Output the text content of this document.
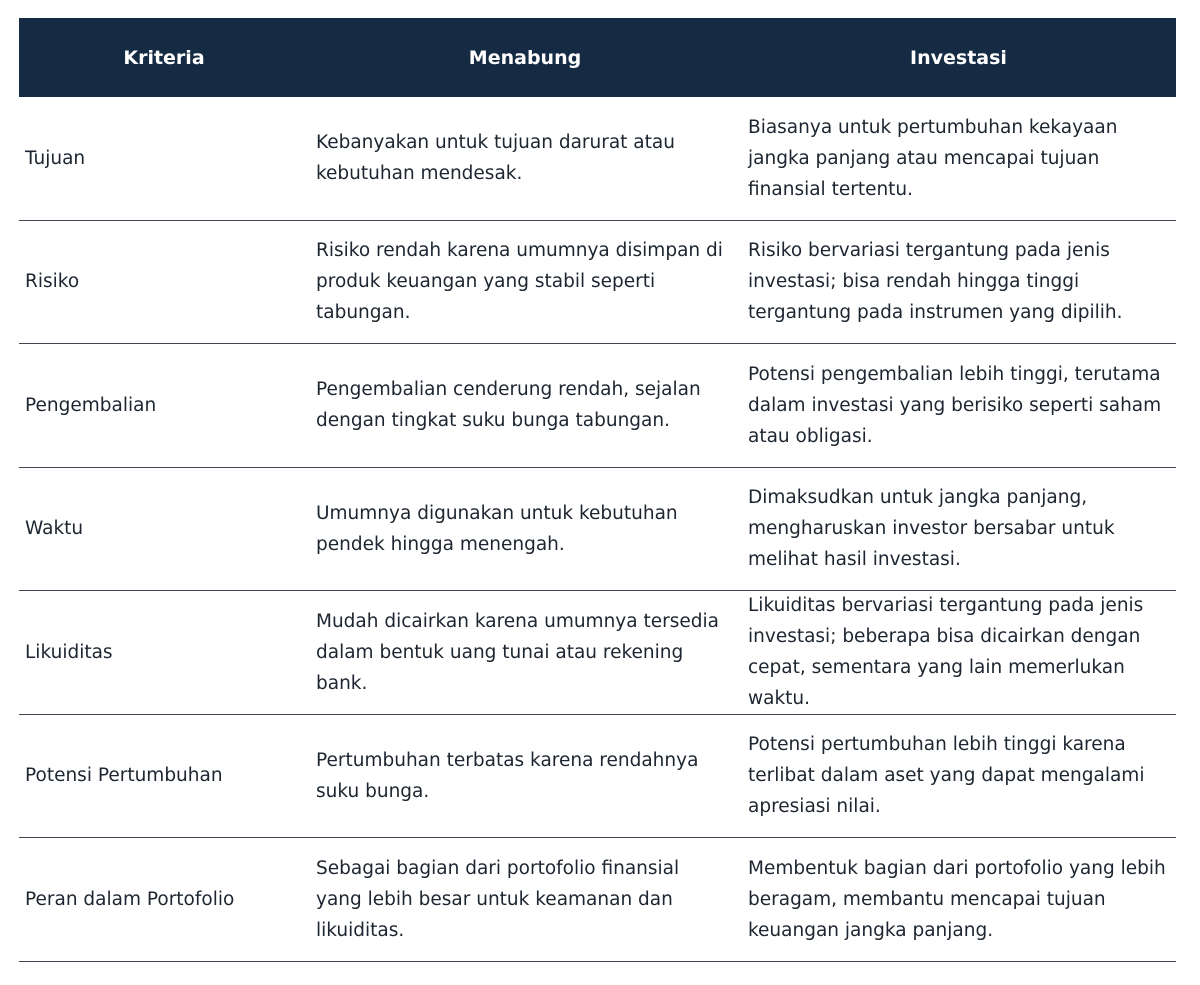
Kriteria	Menabung	Investasi
Tujuan
Kebanyakan untuk tujuan darurat atau kebutuhan mendesak.
Biasanya untuk pertumbuhan kekayaan jangka panjang atau mencapai tujuan finansial tertentu.
Risiko
Risiko rendah karena umumnya disimpan di produk keuangan yang stabil seperti tabungan.
Risiko bervariasi tergantung pada jenis investasi; bisa rendah hingga tinggi tergantung pada instrumen yang dipilih.
Pengembalian
Pengembalian cenderung rendah, sejalan dengan tingkat suku bunga tabungan.
Potensi pengembalian lebih tinggi, terutama dalam investasi yang berisiko seperti saham atau obligasi.
Waktu
Umumnya digunakan untuk kebutuhan pendek hingga menengah.
Dimaksudkan untuk jangka panjang, mengharuskan investor bersabar untuk melihat hasil investasi.
Likuiditas
Mudah dicairkan karena umumnya tersedia dalam bentuk uang tunai atau rekening bank.
Likuiditas bervariasi tergantung pada jenis investasi; beberapa bisa dicairkan dengan cepat, sementara yang lain memerlukan waktu.
Potensi Pertumbuhan
Pertumbuhan terbatas karena rendahnya suku bunga.
Potensi pertumbuhan lebih tinggi karena terlibat dalam aset yang dapat mengalami apresiasi nilai.
Peran dalam Portofolio
Sebagai bagian dari portofolio finansial yang lebih besar untuk keamanan dan likuiditas.
Membentuk bagian dari portofolio yang lebih beragam, membantu mencapai tujuan keuangan jangka panjang.
